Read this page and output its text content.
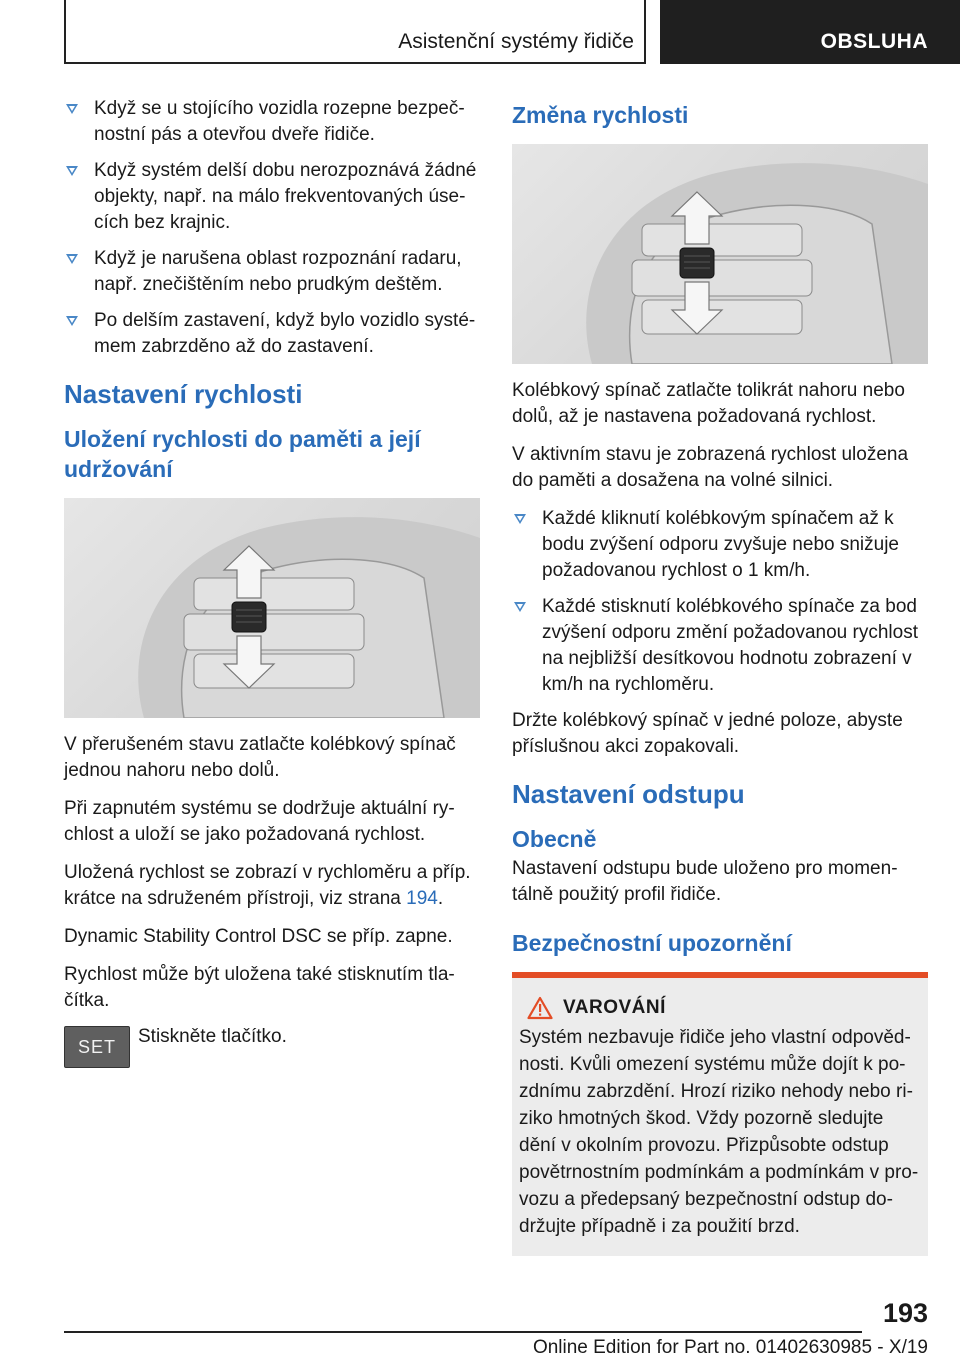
Asistenční systémy řidiče	OBSLUHA
Když se u stojícího vozidla rozepne bezpečnostní pás a otevřou dveře řidiče.
Když systém delší dobu nerozpoznává žádné objekty, např. na málo frekventovaných úsecích bez krajnic.
Když je narušena oblast rozpoznání radaru, např. znečištěním nebo prudkým deštěm.
Po delším zastavení, když bylo vozidlo systémem zabrzděno až do zastavení.
Nastavení rychlosti
Uložení rychlosti do paměti a její udržování

V přerušeném stavu zatlačte kolébkový spínač jednou nahoru nebo dolů.

Při zapnutém systému se dodržuje aktuální rychlost a uloží se jako požadovaná rychlost.

Uložená rychlost se zobrazí v rychloměru a příp. krátce na sdruženém přístroji, viz strana 194.

Dynamic Stability Control DSC se příp. zapne.

Rychlost může být uložena také stisknutím tlačítka.

SET	Stiskněte tlačítko.
Změna rychlosti

Kolébkový spínač zatlačte tolikrát nahoru nebo dolů, až je nastavena požadovaná rychlost.

V aktivním stavu je zobrazená rychlost uložena do paměti a dosažena na volné silnici.

Každé kliknutí kolébkovým spínačem až k bodu zvýšení odporu zvyšuje nebo snižuje požadovanou rychlost o 1 km/h.
Každé stisknutí kolébkového spínače za bod zvýšení odporu změní požadovanou rychlost na nejbližší desítkovou hodnotu zobrazení v km/h na rychloměru.

Držte kolébkový spínač v jedné poloze, abyste příslušnou akci zopakovali.

Nastavení odstupu
Obecně

Nastavení odstupu bude uloženo pro momentálně použitý profil řidiče.

Bezpečnostní upozornění
VAROVÁNÍ

Systém nezbavuje řidiče jeho vlastní odpovědnosti. Kvůli omezení systému může dojít k pozdnímu zabrzdění. Hrozí riziko nehody nebo riziko hmotných škod. Vždy pozorně sledujte dění v okolním provozu. Přizpůsobte odstup povětrnostním podmínkám a podmínkám v provozu a předepsaný bezpečnostní odstup dodržujte případně i za použití brzd.

193
Online Edition for Part no. 01402630985 - X/19
